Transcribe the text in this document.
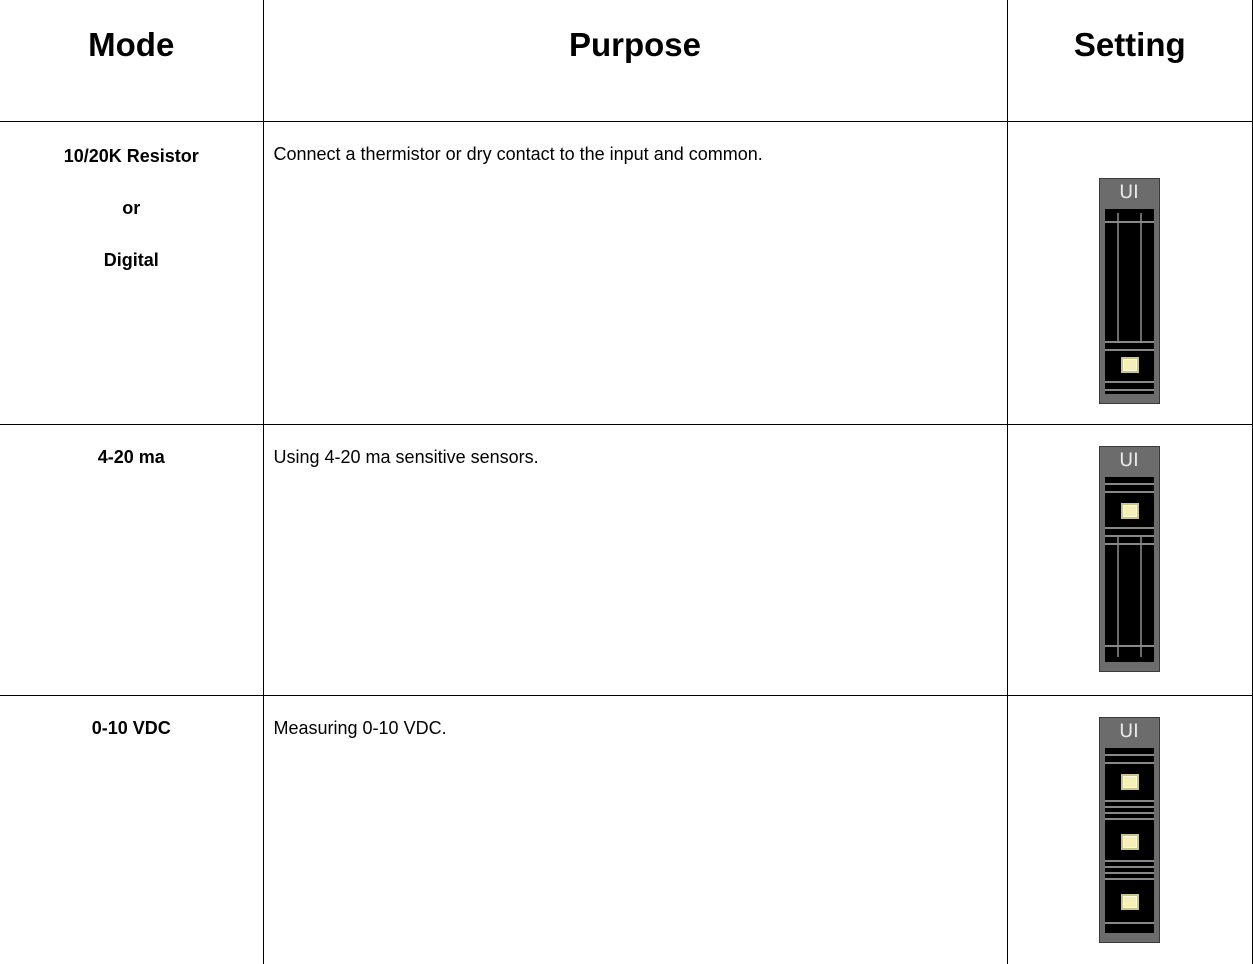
Mode	Purpose	Setting

10/20K Resistor
or
Digital	Connect a thermistor or dry contact to the input and common.	UI

4-20 ma	Using 4-20 ma sensitive sensors.	UI

0-10 VDC	Measuring 0-10 VDC.	UI
